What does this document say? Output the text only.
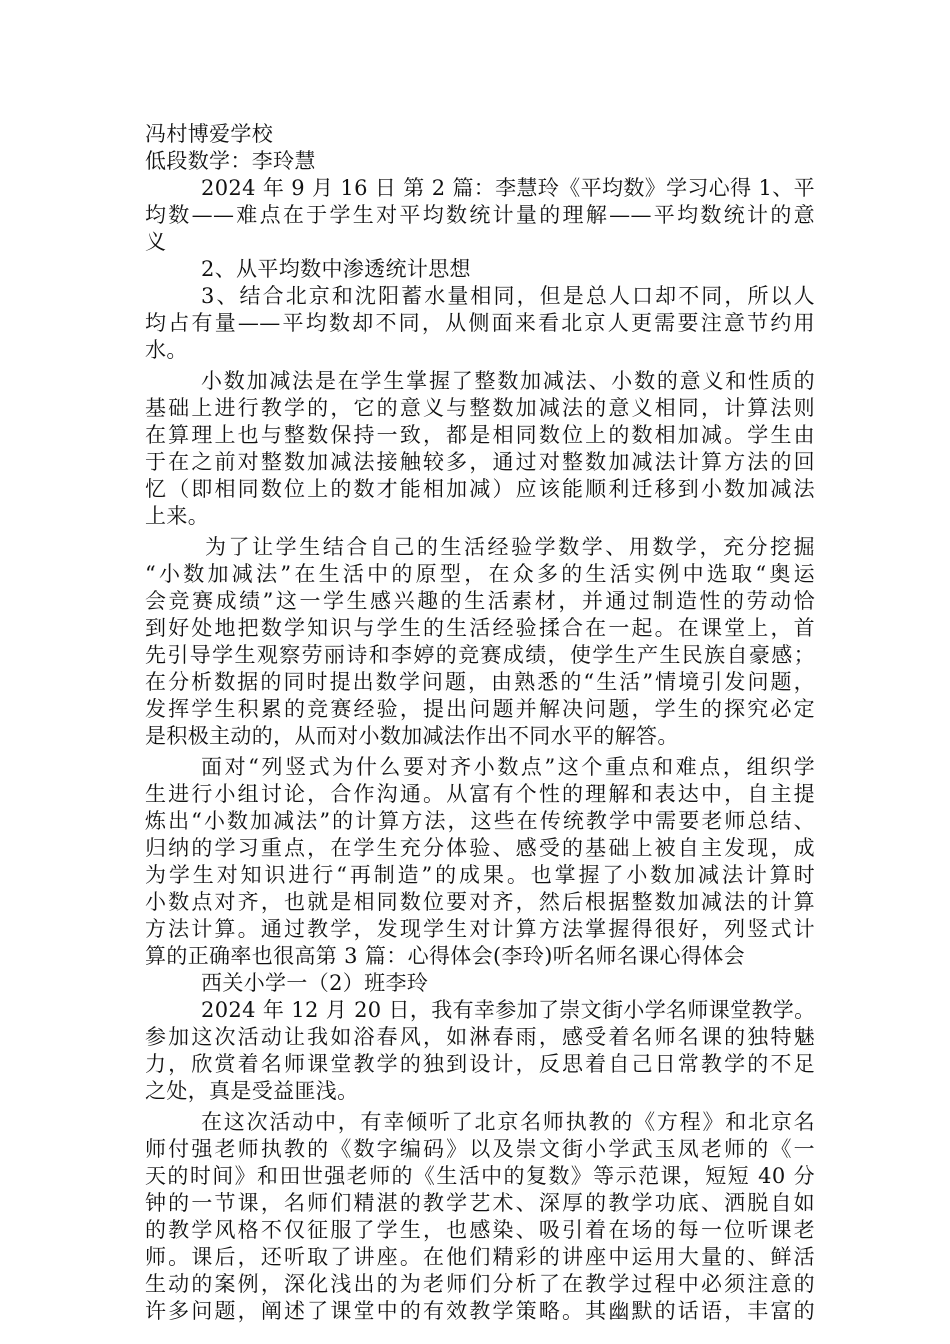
冯村博爱学校
低段数学：李玲慧
2024 年 9 月 16 日 第 2 篇：李慧玲《平均数》学习心得 1、平
均数——难点在于学生对平均数统计量的理解——平均数统计的意
义
2、从平均数中渗透统计思想
3、结合北京和沈阳蓄水量相同，但是总人口却不同，所以人
均占有量——平均数却不同，从侧面来看北京人更需要注意节约用
水。
小数加减法是在学生掌握了整数加减法、小数的意义和性质的
基础上进行教学的，它的意义与整数加减法的意义相同，计算法则
在算理上也与整数保持一致，都是相同数位上的数相加减。学生由
于在之前对整数加减法接触较多，通过对整数加减法计算方法的回
忆（即相同数位上的数才能相加减）应该能顺利迁移到小数加减法
上来。
为了让学生结合自己的生活经验学数学、用数学，充分挖掘
“小数加减法”在生活中的原型，在众多的生活实例中选取“奥运
会竞赛成绩”这一学生感兴趣的生活素材，并通过制造性的劳动恰
到好处地把数学知识与学生的生活经验揉合在一起。在课堂上，首
先引导学生观察劳丽诗和李婷的竞赛成绩，使学生产生民族自豪感；
在分析数据的同时提出数学问题，由熟悉的“生活”情境引发问题，
发挥学生积累的竞赛经验，提出问题并解决问题，学生的探究必定
是积极主动的，从而对小数加减法作出不同水平的解答。
面对“列竖式为什么要对齐小数点”这个重点和难点，组织学
生进行小组讨论，合作沟通。从富有个性的理解和表达中，自主提
炼出“小数加减法”的计算方法，这些在传统教学中需要老师总结、
归纳的学习重点，在学生充分体验、感受的基础上被自主发现，成
为学生对知识进行“再制造”的成果。也掌握了小数加减法计算时
小数点对齐，也就是相同数位要对齐，然后根据整数加减法的计算
方法计算。通过教学，发现学生对计算方法掌握得很好，列竖式计
算的正确率也很高第 3 篇：心得体会(李玲)听名师名课心得体会
西关小学一（2）班李玲
2024 年 12 月 20 日，我有幸参加了崇文街小学名师课堂教学。
参加这次活动让我如浴春风，如淋春雨，感受着名师名课的独特魅
力，欣赏着名师课堂教学的独到设计，反思着自己日常教学的不足
之处，真是受益匪浅。
在这次活动中，有幸倾听了北京名师执教的《方程》和北京名
师付强老师执教的《数字编码》以及崇文街小学武玉凤老师的《一
天的时间》和田世强老师的《生活中的复数》等示范课，短短 40 分
钟的一节课，名师们精湛的教学艺术、深厚的教学功底、洒脱自如
的教学风格不仅征服了学生，也感染、吸引着在场的每一位听课老
师。课后，还听取了讲座。在他们精彩的讲座中运用大量的、鲜活
生动的案例，深化浅出的为老师们分析了在教学过程中必须注意的
许多问题，阐述了课堂中的有效教学策略。其幽默的话语，丰富的
